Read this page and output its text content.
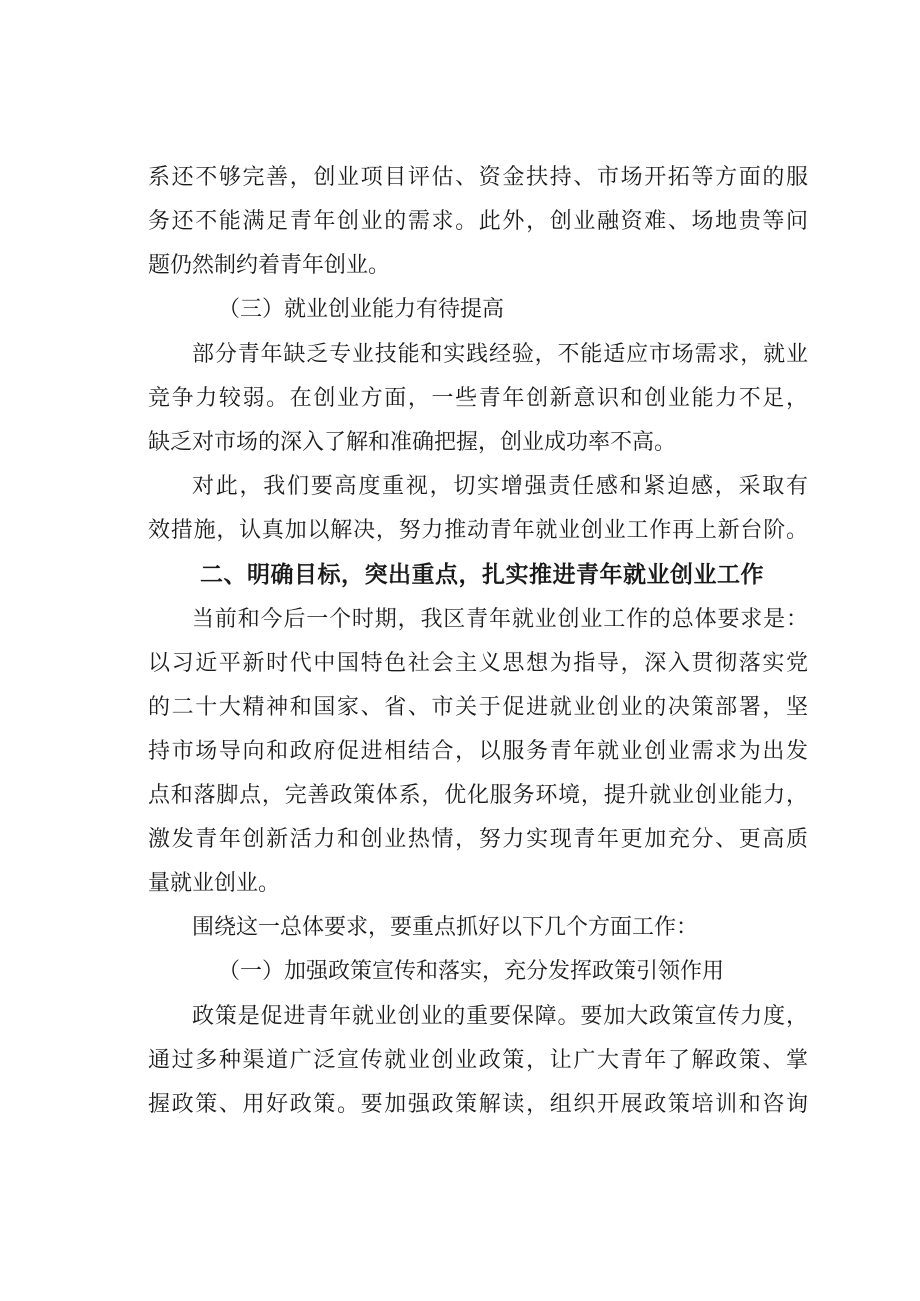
系还不够完善，创业项目评估、资金扶持、市场开拓等方面的服
务还不能满足青年创业的需求。此外，创业融资难、场地贵等问
题仍然制约着青年创业。
（三）就业创业能力有待提高
部分青年缺乏专业技能和实践经验，不能适应市场需求，就业
竞争力较弱。在创业方面，一些青年创新意识和创业能力不足，
缺乏对市场的深入了解和准确把握，创业成功率不高。
对此，我们要高度重视，切实增强责任感和紧迫感，采取有
效措施，认真加以解决，努力推动青年就业创业工作再上新台阶。
二、明确目标，突出重点，扎实推进青年就业创业工作
当前和今后一个时期，我区青年就业创业工作的总体要求是：
以习近平新时代中国特色社会主义思想为指导，深入贯彻落实党
的二十大精神和国家、省、市关于促进就业创业的决策部署，坚
持市场导向和政府促进相结合，以服务青年就业创业需求为出发
点和落脚点，完善政策体系，优化服务环境，提升就业创业能力，
激发青年创新活力和创业热情，努力实现青年更加充分、更高质
量就业创业。
围绕这一总体要求，要重点抓好以下几个方面工作：
（一）加强政策宣传和落实，充分发挥政策引领作用
政策是促进青年就业创业的重要保障。要加大政策宣传力度，
通过多种渠道广泛宣传就业创业政策，让广大青年了解政策、掌
握政策、用好政策。要加强政策解读，组织开展政策培训和咨询
